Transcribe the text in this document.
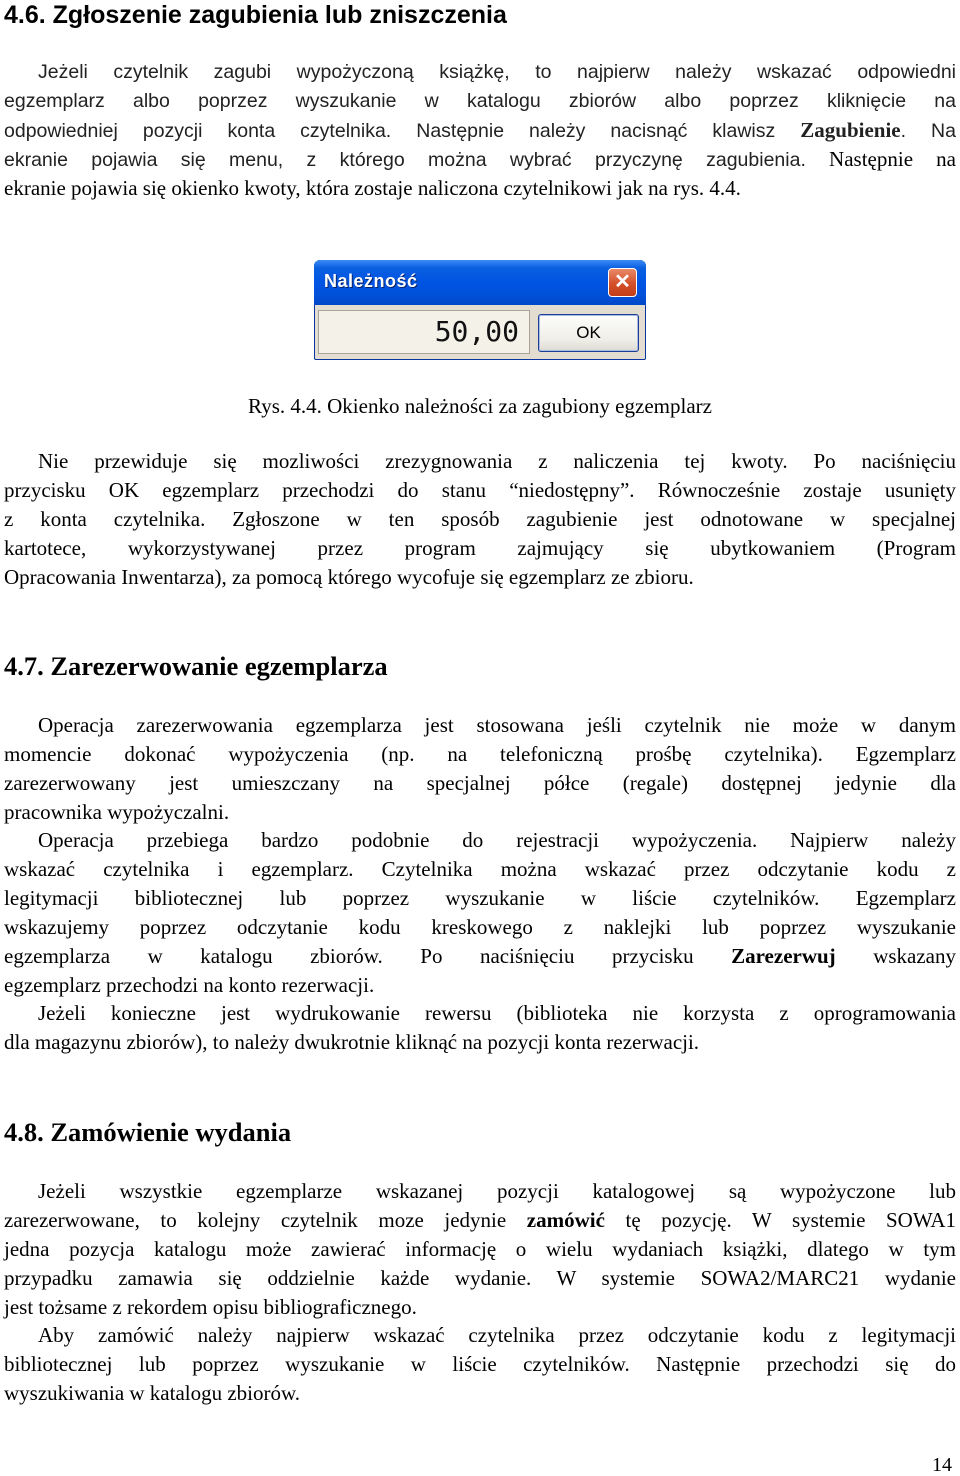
4.6. Zgłoszenie zagubienia lub zniszczenia
Jeżeli czytelnik zagubi wypożyczoną książkę, to najpierw należy wskazać odpowiedni
egzemplarz albo poprzez wyszukanie w katalogu zbiorów albo poprzez kliknięcie na
odpowiedniej pozycji konta czytelnika. Następnie należy nacisnąć klawisz Zagubienie. Na
ekranie pojawia się menu, z którego można wybrać przyczynę zagubienia. Następnie na
ekranie pojawia się okienko kwoty, która zostaje naliczona czytelnikowi jak na rys. 4.4.
Należność	✕
50,00	OK

Rys. 4.4. Okienko należności za zagubiony egzemplarz

Nie przewiduje się mozliwości zrezygnowania z naliczenia tej kwoty. Po naciśnięciu
przycisku OK egzemplarz przechodzi do stanu “niedostępny”. Równocześnie zostaje usunięty
z konta czytelnika. Zgłoszone w ten sposób zagubienie jest odnotowane w specjalnej
kartotece, wykorzystywanej przez program zajmujący się ubytkowaniem (Program
Opracowania Inwentarza), za pomocą którego wycofuje się egzemplarz ze zbioru.
4.7. Zarezerwowanie egzemplarza
Operacja zarezerwowania egzemplarza jest stosowana jeśli czytelnik nie może w danym
momencie dokonać wypożyczenia (np. na telefoniczną prośbę czytelnika). Egzemplarz
zarezerwowany jest umieszczany na specjalnej półce (regale) dostępnej jedynie dla
pracownika wypożyczalni.
Operacja przebiega bardzo podobnie do rejestracji wypożyczenia. Najpierw należy
wskazać czytelnika i egzemplarz. Czytelnika można wskazać przez odczytanie kodu z
legitymacji bibliotecznej lub poprzez wyszukanie w liście czytelników. Egzemplarz
wskazujemy poprzez odczytanie kodu kreskowego z naklejki lub poprzez wyszukanie
egzemplarza w katalogu zbiorów. Po naciśnięciu przycisku Zarezerwuj wskazany
egzemplarz przechodzi na konto rezerwacji.
Jeżeli konieczne jest wydrukowanie rewersu (biblioteka nie korzysta z oprogramowania
dla magazynu zbiorów), to należy dwukrotnie kliknąć na pozycji konta rezerwacji.
4.8. Zamówienie wydania
Jeżeli wszystkie egzemplarze wskazanej pozycji katalogowej są wypożyczone lub
zarezerwowane, to kolejny czytelnik moze jedynie zamówić tę pozycję. W systemie SOWA1
jedna pozycja katalogu może zawierać informację o wielu wydaniach książki, dlatego w tym
przypadku zamawia się oddzielnie każde wydanie. W systemie SOWA2/MARC21 wydanie
jest tożsame z rekordem opisu bibliograficznego.
Aby zamówić należy najpierw wskazać czytelnika przez odczytanie kodu z legitymacji
bibliotecznej lub poprzez wyszukanie w liście czytelników. Następnie przechodzi się do
wyszukiwania w katalogu zbiorów.

14
